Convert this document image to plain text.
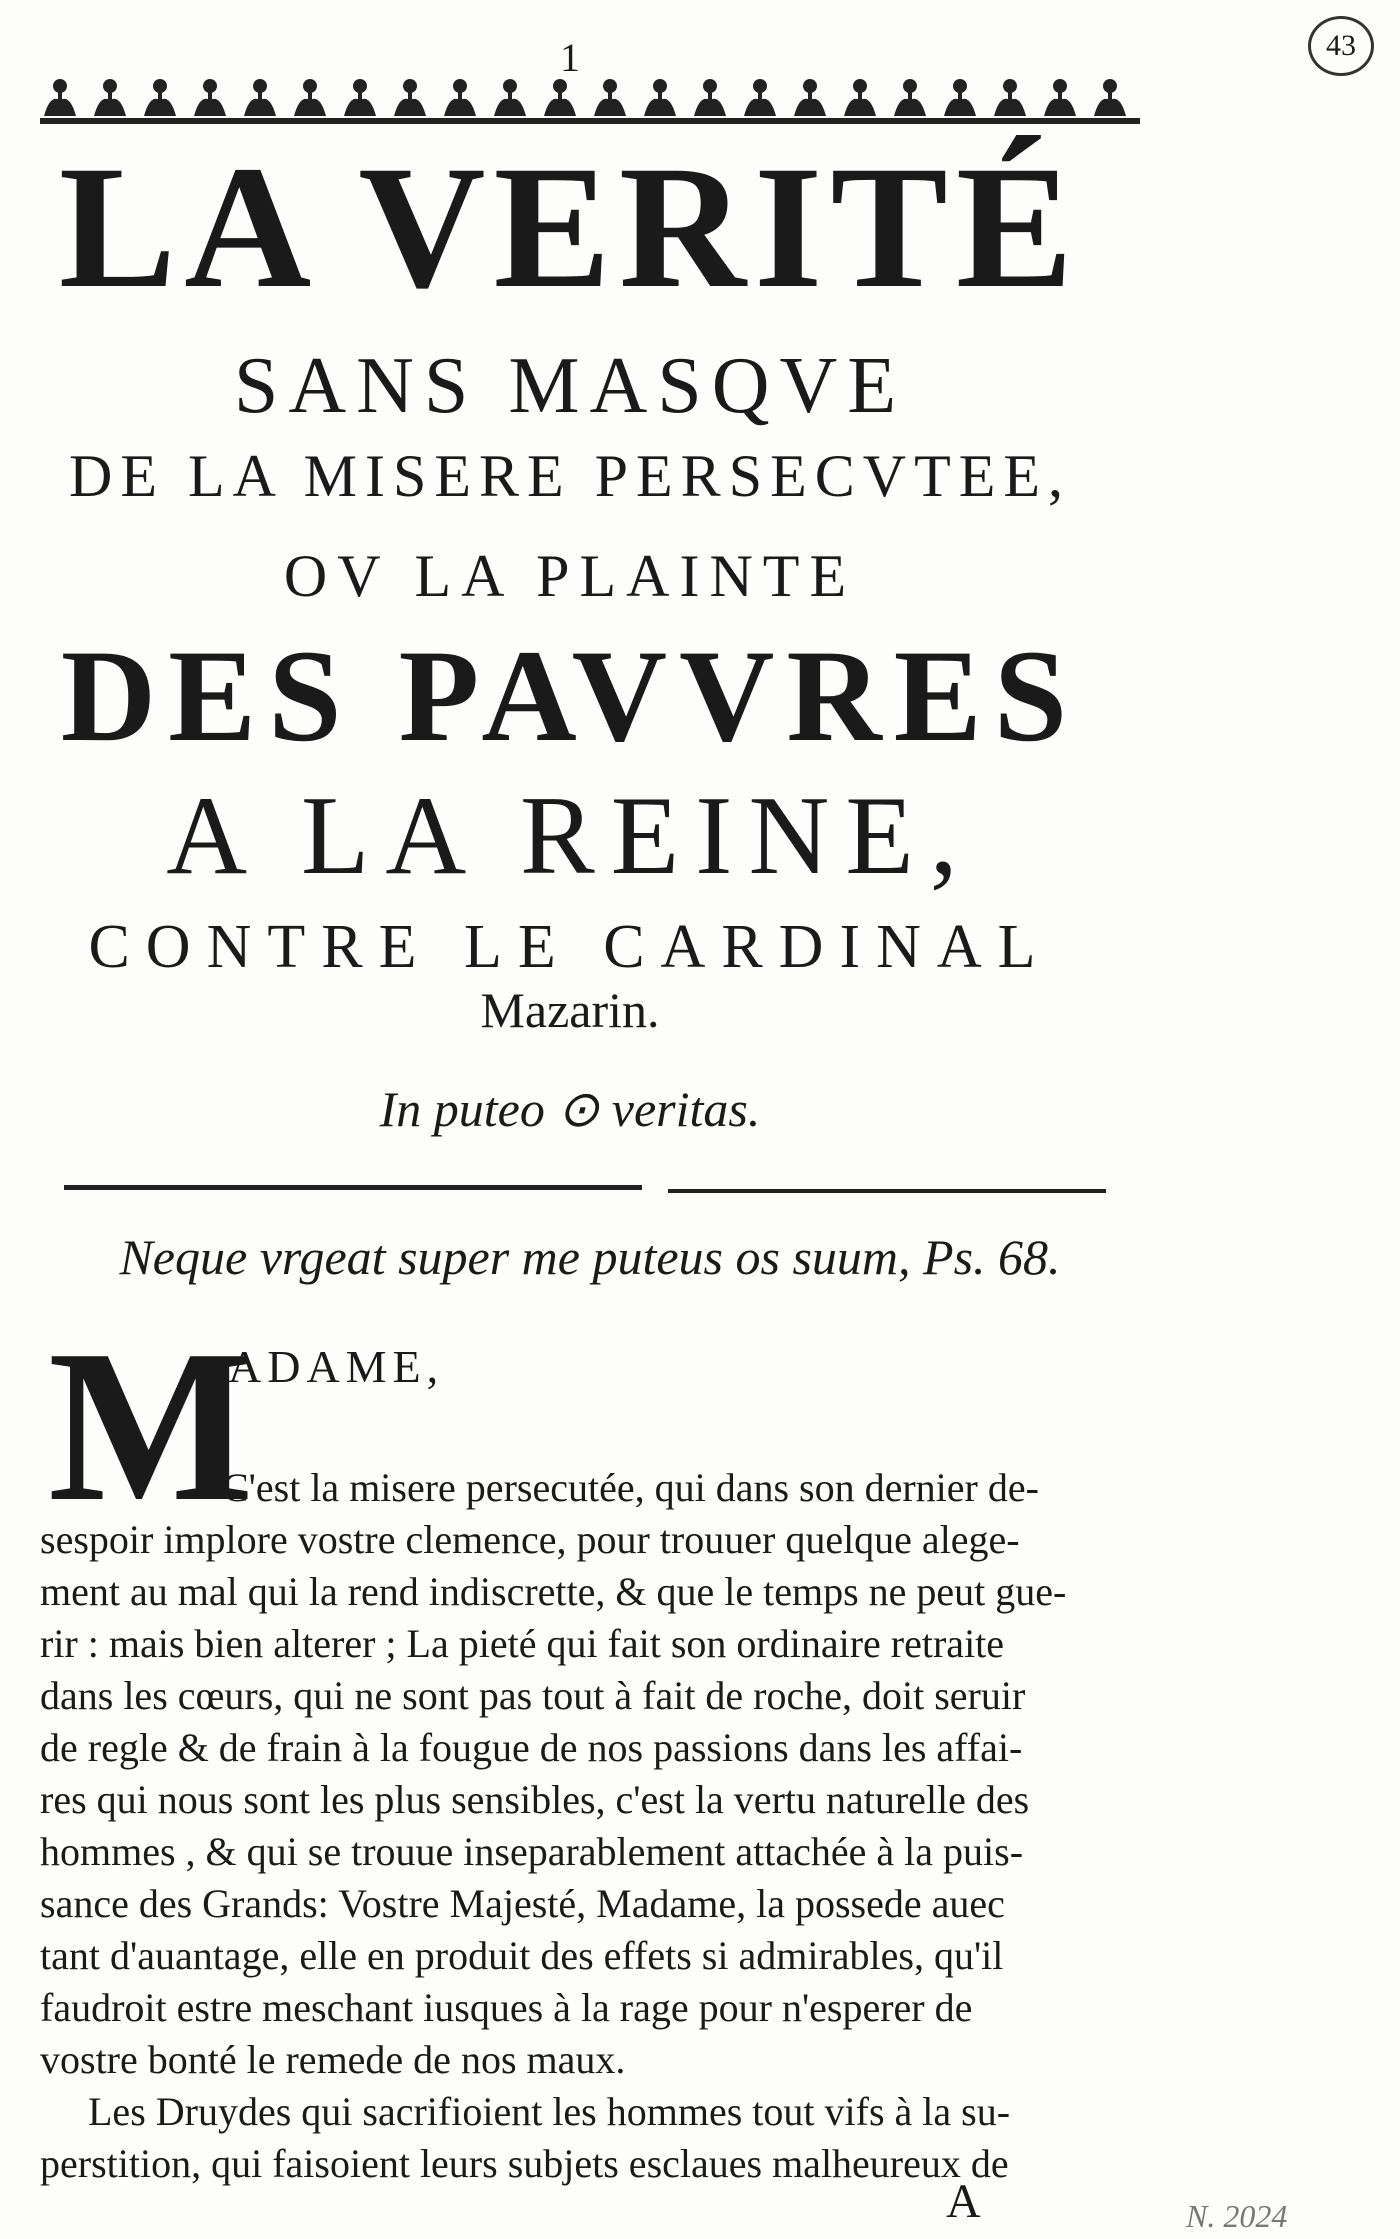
1	43
LA VERITÉ
SANS MASQVE
DE LA MISERE PERSECVTEE,
OV LA PLAINTE
DES PAVVRES
A LA REINE,
CONTRE LE CARDINAL
Mazarin.
In puteo ⊙ veritas.
Neque vrgeat super me puteus os suum, Ps. 68.
M
ADAME,
C'est la misere persecutée, qui dans son dernier de-
sespoir implore vostre clemence, pour trouuer quelque alege-
ment au mal qui la rend indiscrette, & que le temps ne peut gue-
rir : mais bien alterer ; La pieté qui fait son ordinaire retraite
dans les cœurs, qui ne sont pas tout à fait de roche, doit seruir
de regle & de frain à la fougue de nos passions dans les affai-
res qui nous sont les plus sensibles, c'est la vertu naturelle des
hommes , & qui se trouue inseparablement attachée à la puis-
sance des Grands: Vostre Majesté, Madame, la possede auec
tant d'auantage, elle en produit des effets si admirables, qu'il
faudroit estre meschant iusques à la rage pour n'esperer de
vostre bonté le remede de nos maux.
Les Druydes qui sacrifioient les hommes tout vifs à la su-
perstition, qui faisoient leurs subjets esclaues malheureux de
A	N. 2024
